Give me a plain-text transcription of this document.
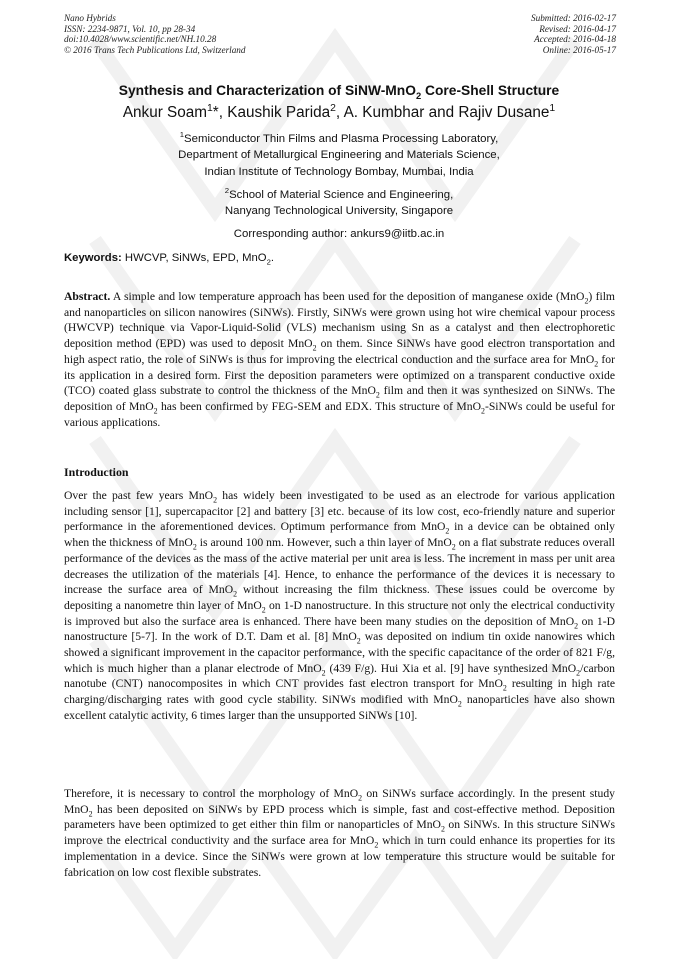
Nano Hybrids
ISSN: 2234-9871, Vol. 10, pp 28-34
doi:10.4028/www.scientific.net/NH.10.28
© 2016 Trans Tech Publications Ltd, Switzerland
Submitted: 2016-02-17
Revised: 2016-04-17
Accepted: 2016-04-18
Online: 2016-05-17
Synthesis and Characterization of SiNW-MnO$_2$ Core-Shell Structure
Ankur Soam$^1$*, Kaushik Parida$^2$, A. Kumbhar and Rajiv Dusane$^1$

$^1$Semiconductor Thin Films and Plasma Processing Laboratory,

Department of Metallurgical Engineering and Materials Science,

Indian Institute of Technology Bombay, Mumbai, India

$^2$School of Material Science and Engineering,

Nanyang Technological University, Singapore

Corresponding author: ankurs9@iitb.ac.in

Keywords: HWCVP, SiNWs, EPD, MnO$_2$.

Abstract. A simple and low temperature approach has been used for the deposition of manganese oxide (MnO$_2$) film and nanoparticles on silicon nanowires (SiNWs). Firstly, SiNWs were grown using hot wire chemical vapour process (HWCVP) technique via Vapor-Liquid-Solid (VLS) mechanism using Sn as a catalyst and then electrophoretic deposition method (EPD) was used to deposit MnO$_2$ on them. Since SiNWs have good electron transportation and high aspect ratio, the role of SiNWs is thus for improving the electrical conduction and the surface area for MnO$_2$ for its application in a desired form. First the deposition parameters were optimized on a transparent conductive oxide (TCO) coated glass substrate to control the thickness of the MnO$_2$ film and then it was synthesized on SiNWs. The deposition of MnO$_2$ has been confirmed by FEG-SEM and EDX. This structure of MnO$_2$-SiNWs could be useful for various applications.

Introduction

Over the past few years MnO$_2$ has widely been investigated to be used as an electrode for various application including sensor [1], supercapacitor [2] and battery [3] etc. because of its low cost, eco-friendly nature and superior performance in the aforementioned devices. Optimum performance from MnO$_2$ in a device can be obtained only when the thickness of MnO$_2$ is around 100 nm. However, such a thin layer of MnO$_2$ on a flat substrate reduces overall performance of the devices as the mass of the active material per unit area is less. The increment in mass per unit area decreases the utilization of the materials [4]. Hence, to enhance the performance of the devices it is necessary to increase the surface area of MnO$_2$ without increasing the film thickness. These issues could be overcome by depositing a nanometre thin layer of MnO$_2$ on 1-D nanostructure. In this structure not only the electrical conductivity is improved but also the surface area is enhanced. There have been many studies on the deposition of MnO$_2$ on 1-D nanostructure [5-7]. In the work of D.T. Dam et al. [8] MnO$_2$ was deposited on indium tin oxide nanowires which showed a significant improvement in the capacitor performance, with the specific capacitance of the order of 821 F/g, which is much higher than a planar electrode of MnO$_2$ (439 F/g). Hui Xia et al. [9] have synthesized MnO$_2$/carbon nanotube (CNT) nanocomposites in which CNT provides fast electron transport for MnO$_2$ resulting in high rate charging/discharging rates with good cycle stability. SiNWs modified with MnO$_2$ nanoparticles have also shown excellent catalytic activity, 6 times larger than the unsupported SiNWs [10].

Therefore, it is necessary to control the morphology of MnO$_2$ on SiNWs surface accordingly. In the present study MnO$_2$ has been deposited on SiNWs by EPD process which is simple, fast and cost-effective method. Deposition parameters have been optimized to get either thin film or nanoparticles of MnO$_2$ on SiNWs. In this structure SiNWs improve the electrical conductivity and the surface area for MnO$_2$ which in turn could enhance its properties for its implementation in a device. Since the SiNWs were grown at low temperature this structure would be suitable for fabrication on low cost flexible substrates.
